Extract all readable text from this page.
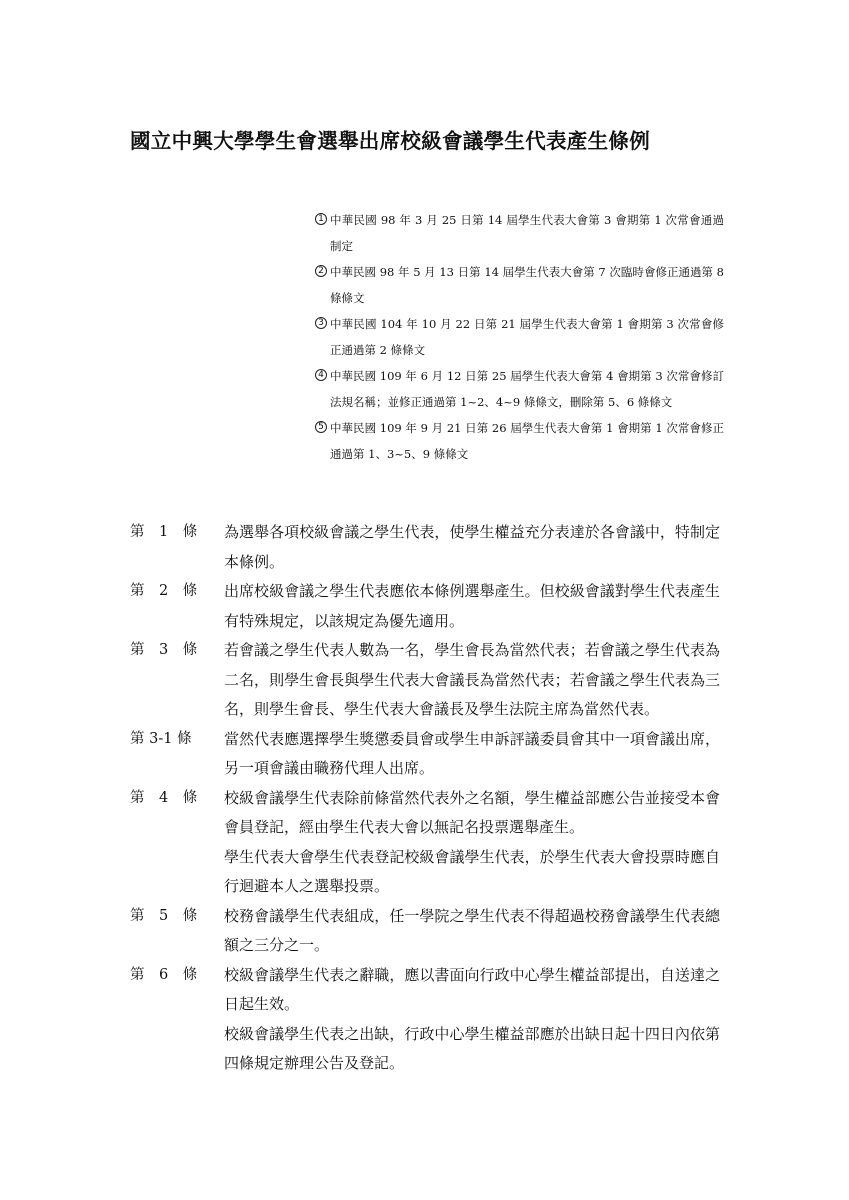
國立中興大學學生會選舉出席校級會議學生代表產生條例
1 中華民國 98 年 3 月 25 日第 14 屆學生代表大會第 3 會期第 1 次常會通過制定
2 中華民國 98 年 5 月 13 日第 14 屆學生代表大會第 7 次臨時會修正通過第 8 條條文
3 中華民國 104 年 10 月 22 日第 21 屆學生代表大會第 1 會期第 3 次常會修正通過第 2 條條文
4 中華民國 109 年 6 月 12 日第 25 屆學生代表大會第 4 會期第 3 次常會修訂法規名稱；並修正通過第 1~2、4~9 條條文，刪除第 5、6 條條文
5 中華民國 109 年 9 月 21 日第 26 屆學生代表大會第 1 會期第 1 次常會修正通過第 1、3~5、9 條條文
第　1　條	為選舉各項校級會議之學生代表，使學生權益充分表達於各會議中，特制定本條例。

第　2　條	出席校級會議之學生代表應依本條例選舉產生。但校級會議對學生代表產生有特殊規定，以該規定為優先適用。

第　3　條	若會議之學生代表人數為一名，學生會長為當然代表；若會議之學生代表為二名，則學生會長與學生代表大會議長為當然代表；若會議之學生代表為三名，則學生會長、學生代表大會議長及學生法院主席為當然代表。

第 3-1 條	當然代表應選擇學生獎懲委員會或學生申訴評議委員會其中一項會議出席，另一項會議由職務代理人出席。

第　4　條	校級會議學生代表除前條當然代表外之名額，學生權益部應公告並接受本會會員登記，經由學生代表大會以無記名投票選舉產生。

學生代表大會學生代表登記校級會議學生代表，於學生代表大會投票時應自行迴避本人之選舉投票。

第　5　條	校務會議學生代表組成，任一學院之學生代表不得超過校務會議學生代表總額之三分之一。

第　6　條	校級會議學生代表之辭職，應以書面向行政中心學生權益部提出，自送達之日起生效。

校級會議學生代表之出缺，行政中心學生權益部應於出缺日起十四日內依第四條規定辦理公告及登記。
